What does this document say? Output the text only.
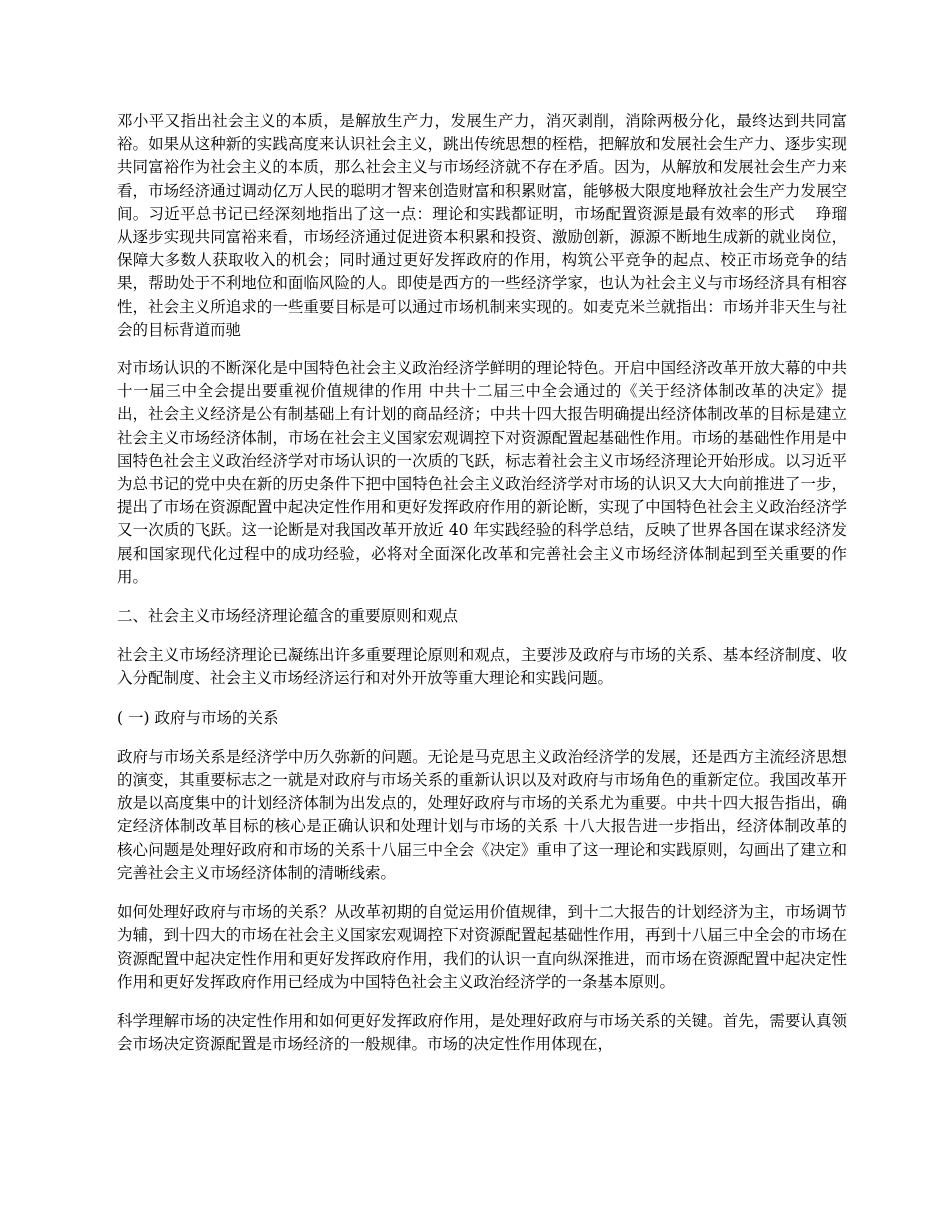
邓小平又指出社会主义的本质，是解放生产力，发展生产力，消灭剥削，消除两极分化，最终达到共同富裕。如果从这种新的实践高度来认识社会主义，跳出传统思想的桎梏，把解放和发展社会生产力、逐步实现共同富裕作为社会主义的本质，那么社会主义与市场经济就不存在矛盾。因为，从解放和发展社会生产力来看，市场经济通过调动亿万人民的聪明才智来创造财富和积累财富，能够极大限度地释放社会生产力发展空间。习近平总书记已经深刻地指出了这一点：理论和实践都证明，市场配置资源是最有效率的形式　 琤瑠从逐步实现共同富裕来看，市场经济通过促进资本积累和投资、激励创新，源源不断地生成新的就业岗位，保障大多数人获取收入的机会；同时通过更好发挥政府的作用，构筑公平竞争的起点、校正市场竞争的结果，帮助处于不利地位和面临风险的人。即使是西方的一些经济学家，也认为社会主义与市场经济具有相容性，社会主义所追求的一些重要目标是可以通过市场机制来实现的。如麦克米兰就指出：市场并非天生与社会的目标背道而驰

对市场认识的不断深化是中国特色社会主义政治经济学鲜明的理论特色。开启中国经济改革开放大幕的中共十一届三中全会提出要重视价值规律的作用 中共十二届三中全会通过的《关于经济体制改革的决定》提出，社会主义经济是公有制基础上有计划的商品经济；中共十四大报告明确提出经济体制改革的目标是建立社会主义市场经济体制，市场在社会主义国家宏观调控下对资源配置起基础性作用。市场的基础性作用是中国特色社会主义政治经济学对市场认识的一次质的飞跃，标志着社会主义市场经济理论开始形成。以习近平为总书记的党中央在新的历史条件下把中国特色社会主义政治经济学对市场的认识又大大向前推进了一步，提出了市场在资源配置中起决定性作用和更好发挥政府作用的新论断，实现了中国特色社会主义政治经济学又一次质的飞跃。这一论断是对我国改革开放近 40 年实践经验的科学总结，反映了世界各国在谋求经济发展和国家现代化过程中的成功经验，必将对全面深化改革和完善社会主义市场经济体制起到至关重要的作用。

二、社会主义市场经济理论蕴含的重要原则和观点

社会主义市场经济理论已凝练出许多重要理论原则和观点，主要涉及政府与市场的关系、基本经济制度、收入分配制度、社会主义市场经济运行和对外开放等重大理论和实践问题。

( 一) 政府与市场的关系

政府与市场关系是经济学中历久弥新的问题。无论是马克思主义政治经济学的发展，还是西方主流经济思想的演变，其重要标志之一就是对政府与市场关系的重新认识以及对政府与市场角色的重新定位。我国改革开放是以高度集中的计划经济体制为出发点的，处理好政府与市场的关系尤为重要。中共十四大报告指出，确定经济体制改革目标的核心是正确认识和处理计划与市场的关系 十八大报告进一步指出，经济体制改革的核心问题是处理好政府和市场的关系十八届三中全会《决定》重申了这一理论和实践原则，勾画出了建立和完善社会主义市场经济体制的清晰线索。

如何处理好政府与市场的关系？从改革初期的自觉运用价值规律，到十二大报告的计划经济为主，市场调节为辅，到十四大的市场在社会主义国家宏观调控下对资源配置起基础性作用，再到十八届三中全会的市场在资源配置中起决定性作用和更好发挥政府作用，我们的认识一直向纵深推进，而市场在资源配置中起决定性作用和更好发挥政府作用已经成为中国特色社会主义政治经济学的一条基本原则。

科学理解市场的决定性作用和如何更好发挥政府作用，是处理好政府与市场关系的关键。首先，需要认真领会市场决定资源配置是市场经济的一般规律。市场的决定性作用体现在，
